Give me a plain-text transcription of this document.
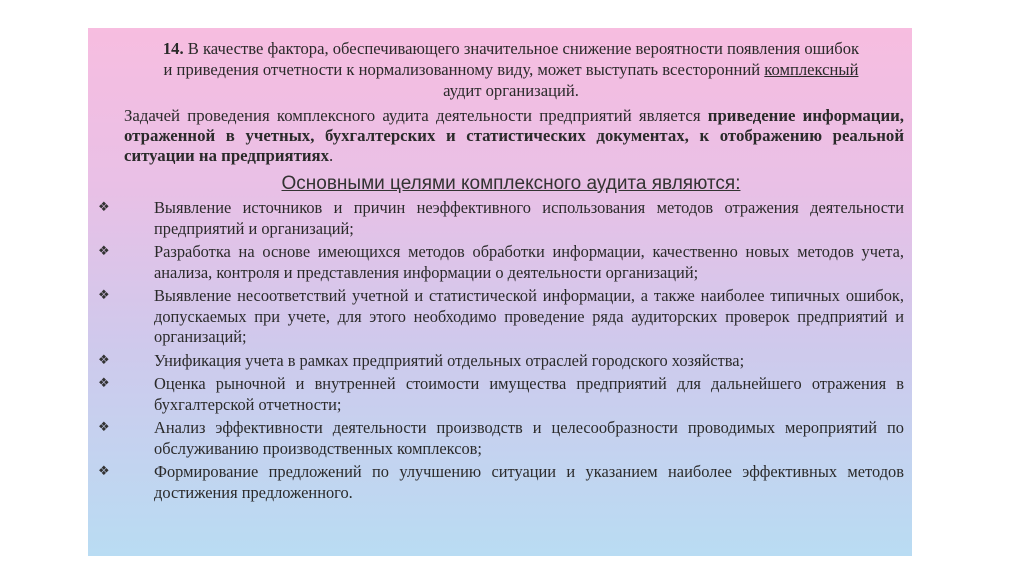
14. В качестве фактора, обеспечивающего значительное снижение вероятности появления ошибок и приведения отчетности к нормализованному виду, может выступать всесторонний комплексный аудит организаций.

Задачей проведения комплексного аудита деятельности предприятий является приведение информации, отраженной в учетных, бухгалтерских и статистических документах, к отображению реальной ситуации на предприятиях.

Основными целями комплексного аудита являются:
❖	Выявление источников и причин неэффективного использования методов отражения деятельности предприятий и организаций;
❖	Разработка на основе имеющихся методов обработки информации, качественно новых методов учета, анализа, контроля и представления информации о деятельности организаций;
❖	Выявление несоответствий учетной и статистической информации, а также наиболее типичных ошибок, допускаемых при учете, для этого необходимо проведение ряда аудиторских проверок предприятий и организаций;
❖	Унификация учета в рамках предприятий отдельных отраслей городского хозяйства;
❖	Оценка рыночной и внутренней стоимости имущества предприятий для дальнейшего отражения в бухгалтерской отчетности;
❖	Анализ эффективности деятельности производств и целесообразности проводимых мероприятий по обслуживанию производственных комплексов;
❖	Формирование предложений по улучшению ситуации и указанием наиболее эффективных методов достижения предложенного.
